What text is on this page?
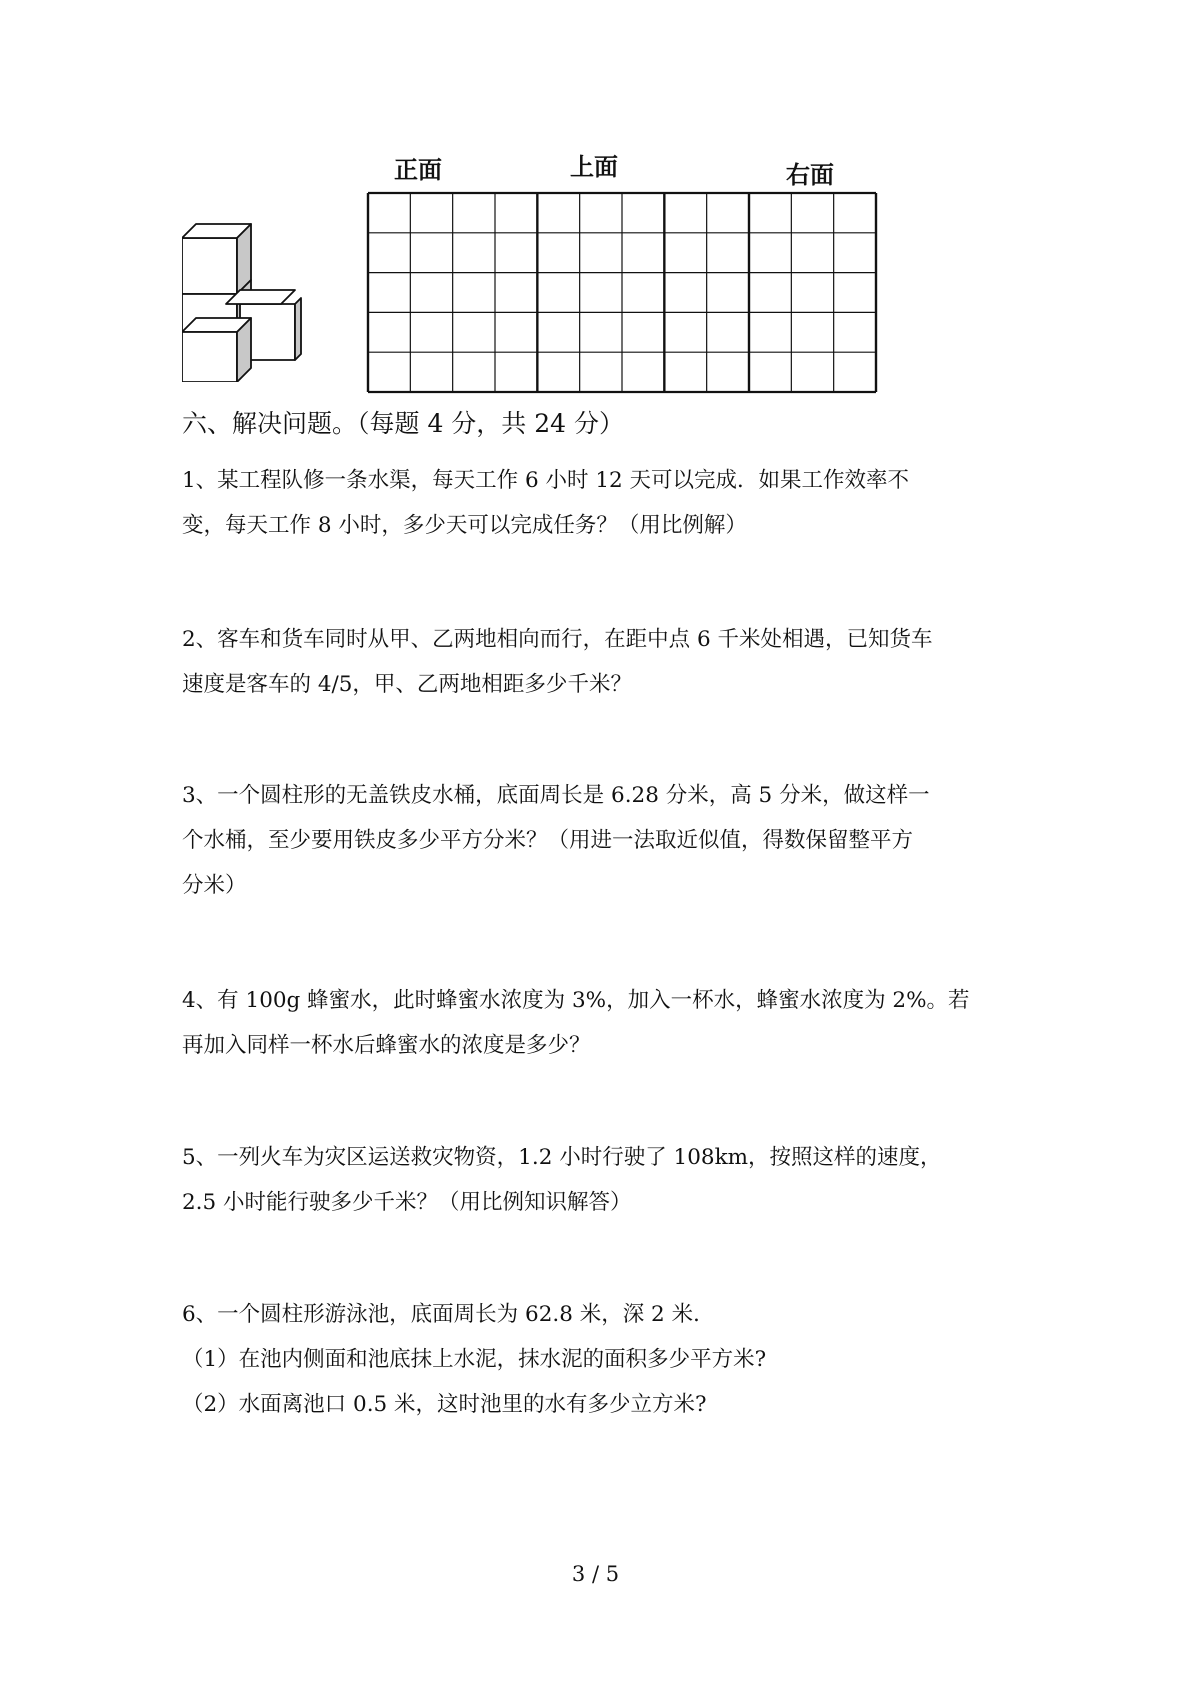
正面	上面	右面
六、解决问题。（每题 4 分，共 24 分）
1、某工程队修一条水渠，每天工作 6 小时 12 天可以完成．如果工作效率不
变，每天工作 8 小时，多少天可以完成任务？（用比例解）
2、客车和货车同时从甲、乙两地相向而行，在距中点 6 千米处相遇，已知货车
速度是客车的 4/5，甲、乙两地相距多少千米？
3、一个圆柱形的无盖铁皮水桶，底面周长是 6.28 分米，高 5 分米，做这样一
个水桶，至少要用铁皮多少平方分米？（用进一法取近似值，得数保留整平方
分米）
4、有 100g 蜂蜜水，此时蜂蜜水浓度为 3%，加入一杯水，蜂蜜水浓度为 2%。若
再加入同样一杯水后蜂蜜水的浓度是多少？
5、一列火车为灾区运送救灾物资，1.2 小时行驶了 108km，按照这样的速度，
2.5 小时能行驶多少千米？（用比例知识解答）
6、一个圆柱形游泳池，底面周长为 62.8 米，深 2 米．
（1）在池内侧面和池底抹上水泥，抹水泥的面积多少平方米?
（2）水面离池口 0.5 米，这时池里的水有多少立方米?
3 / 5
